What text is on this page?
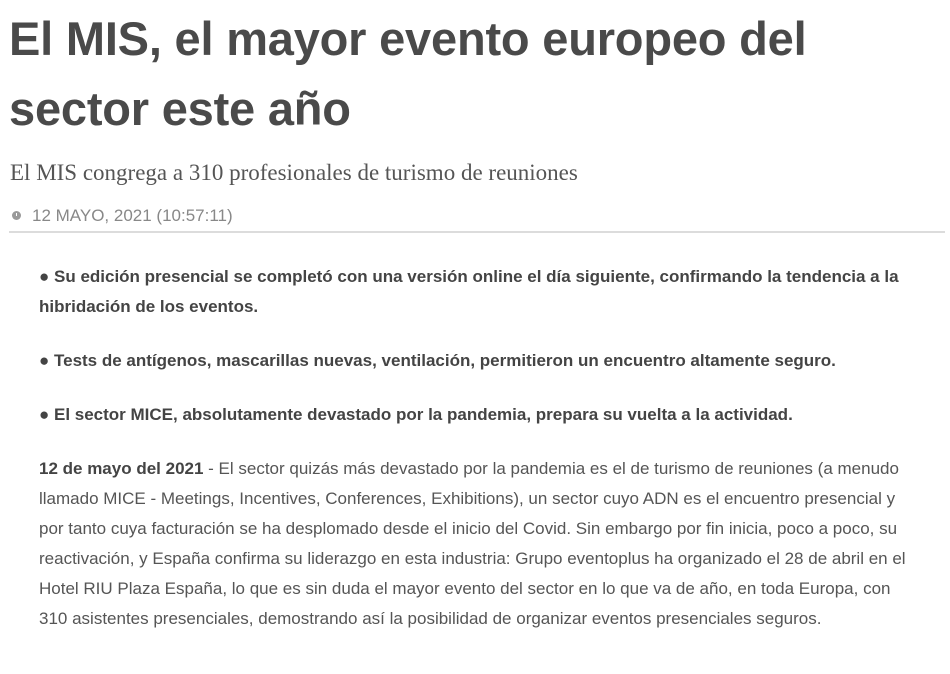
El MIS, el mayor evento europeo del sector este año
El MIS congrega a 310 profesionales de turismo de reuniones
12 MAYO, 2021 (10:57:11)
● Su edición presencial se completó con una versión online el día siguiente, confirmando la tendencia a la hibridación de los eventos.
● Tests de antígenos, mascarillas nuevas, ventilación, permitieron un encuentro altamente seguro.
● El sector MICE, absolutamente devastado por la pandemia, prepara su vuelta a la actividad.

12 de mayo del 2021 - El sector quizás más devastado por la pandemia es el de turismo de reuniones (a menudo llamado MICE - Meetings, Incentives, Conferences, Exhibitions), un sector cuyo ADN es el encuentro presencial y por tanto cuya facturación se ha desplomado desde el inicio del Covid. Sin embargo por fin inicia, poco a poco, su reactivación, y España confirma su liderazgo en esta industria: Grupo eventoplus ha organizado el 28 de abril en el Hotel RIU Plaza España, lo que es sin duda el mayor evento del sector en lo que va de año, en toda Europa, con 310 asistentes presenciales, demostrando así la posibilidad de organizar eventos presenciales seguros.
